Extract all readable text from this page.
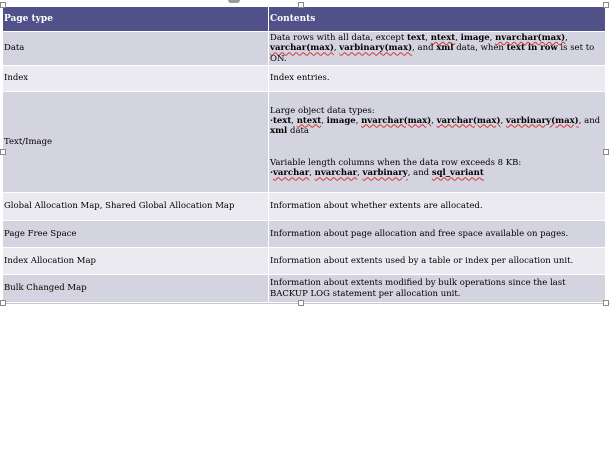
Page type	Contents
Data	Data rows with all data, except text, ntext, image, nvarchar(max), varchar(max), varbinary(max), and xml data, when text in row is set to ON.
Index	Index entries.
Text/Image	Large object data types:
·text, ntext, image, nvarchar(max), varchar(max), varbinary(max), and xml data
Variable length columns when the data row exceeds 8 KB:
·varchar, nvarchar, varbinary, and sql_variant
Global Allocation Map, Shared Global Allocation Map	Information about whether extents are allocated.
Page Free Space	Information about page allocation and free space available on pages.
Index Allocation Map	Information about extents used by a table or index per allocation unit.
Bulk Changed Map	Information about extents modified by bulk operations since the last BACKUP LOG statement per allocation unit.
